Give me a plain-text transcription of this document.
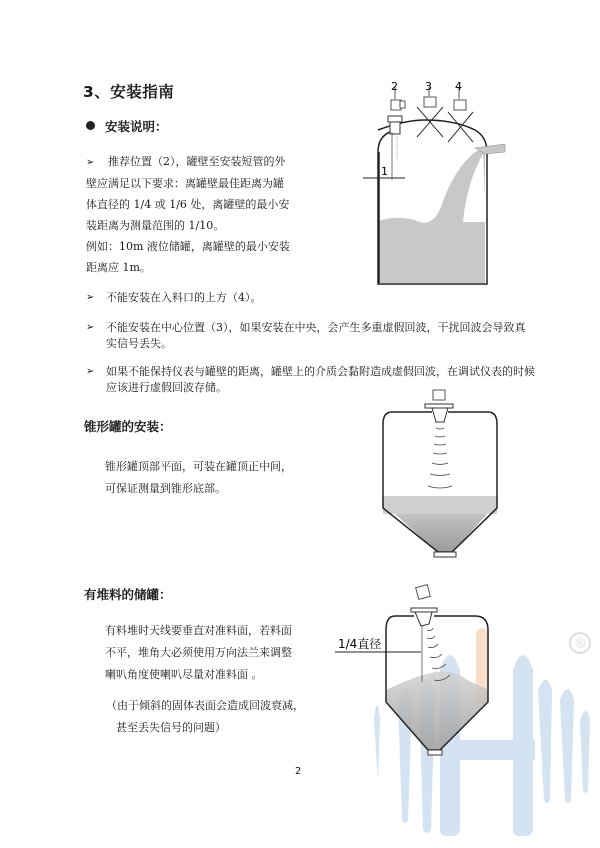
®
3、安装指南
安装说明：
➢ 推荐位置（2），罐壁至安装短管的外
壁应满足以下要求：离罐壁最佳距离为罐
体直径的 1/4 或 1/6 处，离罐壁的最小安
装距离为测量范围的 1/10。
例如：10m 液位储罐，离罐壁的最小安装
距离应 1m。
➢ 不能安装在入料口的上方（4）。
➢ 不能安装在中心位置（3），如果安装在中央，会产生多重虚假回波，干扰回波会导致真实信号丢失。
➢ 如果不能保持仪表与罐壁的距离，罐壁上的介质会黏附造成虚假回波，在调试仪表的时候应该进行虚假回波存储。
2 3 4
1
锥形罐的安装：
锥形罐顶部平面，可装在罐顶正中间，
可保证测量到锥形底部。
有堆料的储罐：
有料堆时天线要垂直对准料面，若料面
不平，堆角大必须使用万向法兰来调整
喇叭角度使喇叭尽量对准料面 。
（由于倾斜的固体表面会造成回波衰减，
甚至丢失信号的问题）
1/4直径
2
